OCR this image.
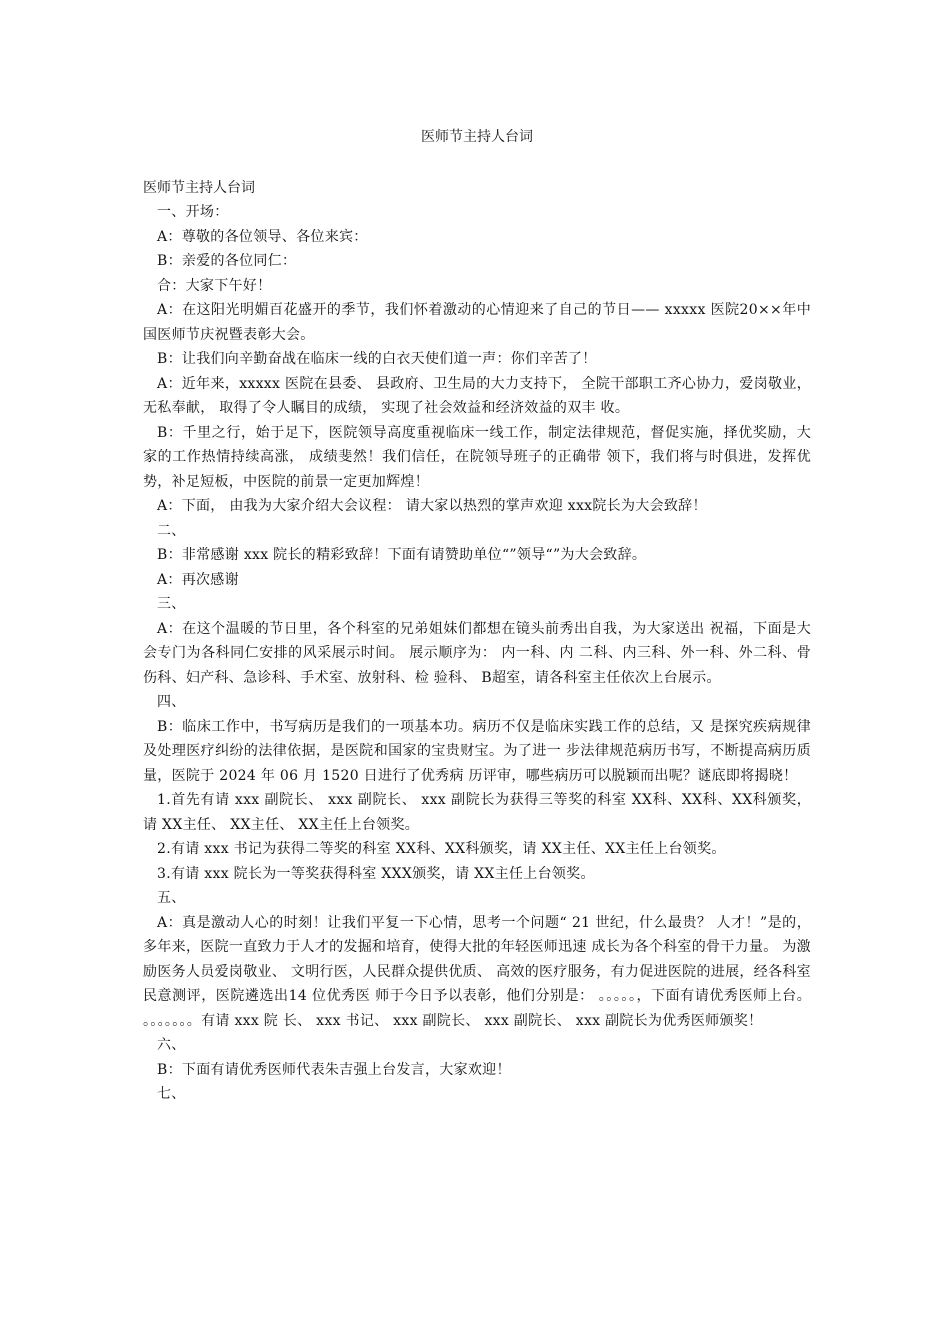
医师节主持人台词

医师节主持人台词

一、开场：

A：尊敬的各位领导、各位来宾：

B：亲爱的各位同仁：

合：大家下午好！

A：在这阳光明媚百花盛开的季节，我们怀着激动的心情迎来了自己的节日—— xxxxx 医院20××年中国医师节庆祝暨表彰大会。

B：让我们向辛勤奋战在临床一线的白衣天使们道一声：你们辛苦了！

A：近年来，xxxxx 医院在县委、 县政府、卫生局的大力支持下， 全院干部职工齐心协力，爱岗敬业， 无私奉献， 取得了令人瞩目的成绩， 实现了社会效益和经济效益的双丰 收。

B：千里之行，始于足下，医院领导高度重视临床一线工作，制定法律规范，督促实施，择优奖励，大家的工作热情持续高涨， 成绩斐然！我们信任，在院领导班子的正确带 领下，我们将与时俱进，发挥优势，补足短板，中医院的前景一定更加辉煌！

A：下面， 由我为大家介绍大会议程： 请大家以热烈的掌声欢迎 xxx院长为大会致辞！

二、

B：非常感谢 xxx 院长的精彩致辞！下面有请赞助单位“”领导“”为大会致辞。

A：再次感谢

三、

A：在这个温暖的节日里，各个科室的兄弟姐妹们都想在镜头前秀出自我，为大家送出 祝福，下面是大会专门为各科同仁安排的风采展示时间。 展示顺序为： 内一科、内 二科、内三科、外一科、外二科、骨伤科、妇产科、急诊科、手术室、放射科、检 验科、 B超室，请各科室主任依次上台展示。

四、

B：临床工作中，书写病历是我们的一项基本功。病历不仅是临床实践工作的总结，又 是探究疾病规律及处理医疗纠纷的法律依据，是医院和国家的宝贵财宝。为了进一 步法律规范病历书写，不断提高病历质量，医院于 2024 年 06 月 1520 日进行了优秀病 历评审，哪些病历可以脱颖而出呢？谜底即将揭晓！

1.首先有请 xxx 副院长、 xxx 副院长、 xxx 副院长为获得三等奖的科室 XX科、XX科、XX科颁奖，请 XX主任、 XX主任、 XX主任上台领奖。

2.有请 xxx 书记为获得二等奖的科室 XX科、XX科颁奖，请 XX主任、XX主任上台领奖。

3.有请 xxx 院长为一等奖获得科室 XXX颁奖，请 XX主任上台领奖。

五、

A：真是激动人心的时刻！让我们平复一下心情，思考一个问题“ 21 世纪，什么最贵？ 人才！”是的，多年来，医院一直致力于人才的发掘和培育，使得大批的年轻医师迅速 成长为各个科室的骨干力量。 为激励医务人员爱岗敬业、 文明行医，人民群众提供优质、 高效的医疗服务，有力促进医院的进展，经各科室民意测评，医院遴选出14 位优秀医 师于今日予以表彰，他们分别是： 。。。。。，下面有请优秀医师上台。 。。。。。。。有请 xxx 院 长、 xxx 书记、 xxx 副院长、 xxx 副院长、 xxx 副院长为优秀医师颁奖！

六、

B：下面有请优秀医师代表朱吉强上台发言，大家欢迎！

七、
